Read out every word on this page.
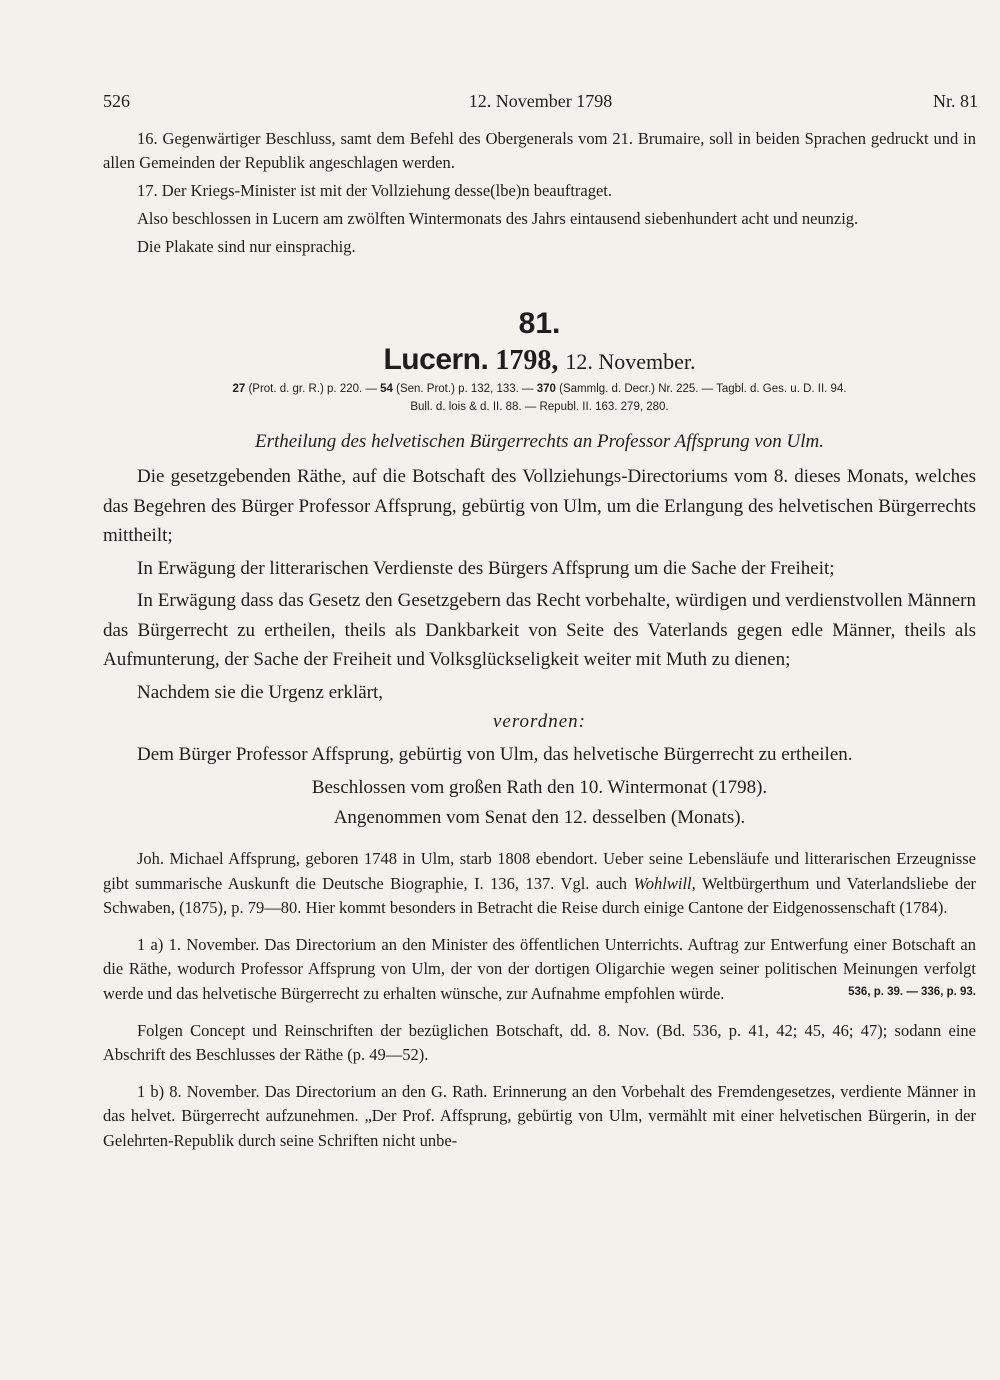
526	12. November 1798	Nr. 81

16. Gegenwärtiger Beschluss, samt dem Befehl des Obergenerals vom 21. Brumaire, soll in beiden Sprachen gedruckt und in allen Gemeinden der Republik angeschlagen werden.

17. Der Kriegs-Minister ist mit der Vollziehung desse(lbe)n beauftraget.

Also beschlossen in Lucern am zwölften Wintermonats des Jahrs eintausend siebenhundert acht und neunzig.

Die Plakate sind nur einsprachig.

81.
Lucern. 1798, 12. November.
27 (Prot. d. gr. R.) p. 220. — 54 (Sen. Prot.) p. 132, 133. — 370 (Sammlg. d. Decr.) Nr. 225. — Tagbl. d. Ges. u. D. II. 94.
Bull. d. lois & d. II. 88. — Republ. II. 163. 279, 280.
Ertheilung des helvetischen Bürgerrechts an Professor Affsprung von Ulm.

Die gesetzgebenden Räthe, auf die Botschaft des Vollziehungs-Directoriums vom 8. dieses Monats, welches das Begehren des Bürger Professor Affsprung, gebürtig von Ulm, um die Erlangung des helvetischen Bürgerrechts mittheilt;

In Erwägung der litterarischen Verdienste des Bürgers Affsprung um die Sache der Freiheit;

In Erwägung dass das Gesetz den Gesetzgebern das Recht vorbehalte, würdigen und verdienstvollen Männern das Bürgerrecht zu ertheilen, theils als Dankbarkeit von Seite des Vaterlands gegen edle Männer, theils als Aufmunterung, der Sache der Freiheit und Volksglückseligkeit weiter mit Muth zu dienen;

Nachdem sie die Urgenz erklärt,

verordnen:

Dem Bürger Professor Affsprung, gebürtig von Ulm, das helvetische Bürgerrecht zu ertheilen.

Beschlossen vom großen Rath den 10. Wintermonat (1798).

Angenommen vom Senat den 12. desselben (Monats).

Joh. Michael Affsprung, geboren 1748 in Ulm, starb 1808 ebendort. Ueber seine Lebensläufe und litterarischen Erzeugnisse gibt summarische Auskunft die Deutsche Biographie, I. 136, 137. Vgl. auch Wohlwill, Weltbürgerthum und Vaterlandsliebe der Schwaben, (1875), p. 79—80. Hier kommt besonders in Betracht die Reise durch einige Cantone der Eidgenossenschaft (1784).

1 a) 1. November. Das Directorium an den Minister des öffentlichen Unterrichts. Auftrag zur Entwerfung einer Botschaft an die Räthe, wodurch Professor Affsprung von Ulm, der von der dortigen Oligarchie wegen seiner politischen Meinungen verfolgt werde und das helvetische Bürgerrecht zu erhalten wünsche, zur Aufnahme empfohlen würde.	536, p. 39. — 336, p. 93.

Folgen Concept und Reinschriften der bezüglichen Botschaft, dd. 8. Nov. (Bd. 536, p. 41, 42; 45, 46; 47); sodann eine Abschrift des Beschlusses der Räthe (p. 49—52).

1 b) 8. November. Das Directorium an den G. Rath. Erinnerung an den Vorbehalt des Fremdengesetzes, verdiente Männer in das helvet. Bürgerrecht aufzunehmen. „Der Prof. Affsprung, gebürtig von Ulm, vermählt mit einer helvetischen Bürgerin, in der Gelehrten-Republik durch seine Schriften nicht unbe-
